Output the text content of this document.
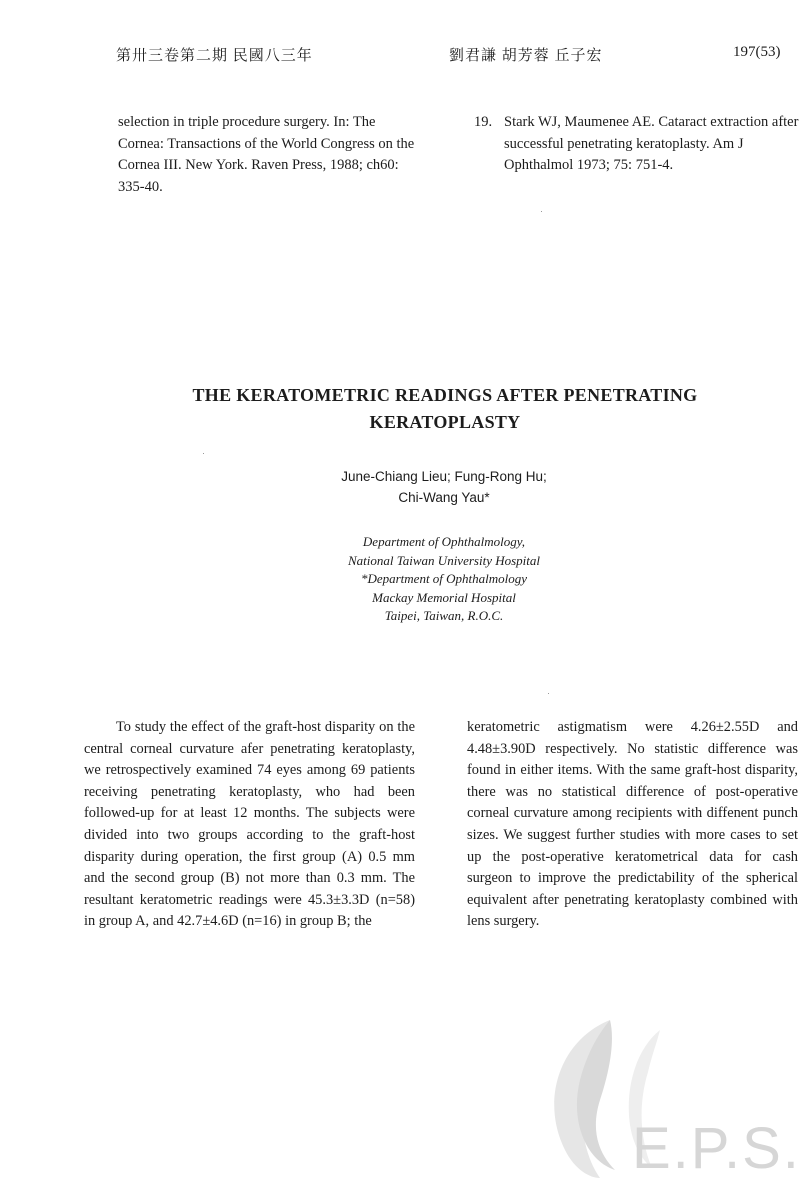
第卅三卷第二期 民國八三年	劉君謙 胡芳蓉 丘子宏	197(53)
selection in triple procedure surgery. In: The Cornea: Transactions of the World Congress on the Cornea III. New York. Raven Press, 1988; ch60: 335-40.
19. Stark WJ, Maumenee AE. Cataract extraction after successful penetrating keratoplasty. Am J Ophthalmol 1973; 75: 751-4.
THE KERATOMETRIC READINGS AFTER PENETRATING
KERATOPLASTY
June-Chiang Lieu; Fung-Rong Hu;
Chi-Wang Yau*
Department of Ophthalmology,
National Taiwan University Hospital
*Department of Ophthalmology
Mackay Memorial Hospital
Taipei, Taiwan, R.O.C.
To study the effect of the graft-host disparity on the central corneal curvature afer penetrating keratoplasty, we retrospectively examined 74 eyes among 69 patients receiving penetrating keratoplasty, who had been followed-up for at least 12 months. The subjects were divided into two groups according to the graft-host disparity during operation, the first group (A) 0.5 mm and the second group (B) not more than 0.3 mm. The resultant keratometric readings were 45.3±3.3D (n=58) in group A, and 42.7±4.6D (n=16) in group B; the
keratometric astigmatism were 4.26±2.55D and 4.48±3.90D respectively. No statistic difference was found in either items. With the same graft-host disparity, there was no statistical difference of post-operative corneal curvature among recipients with diffenent punch sizes. We suggest further studies with more cases to set up the post-operative keratometrical data for cash surgeon to improve the predictability of the spherical equivalent after penetrating keratoplasty combined with lens surgery.
E.P.S.
